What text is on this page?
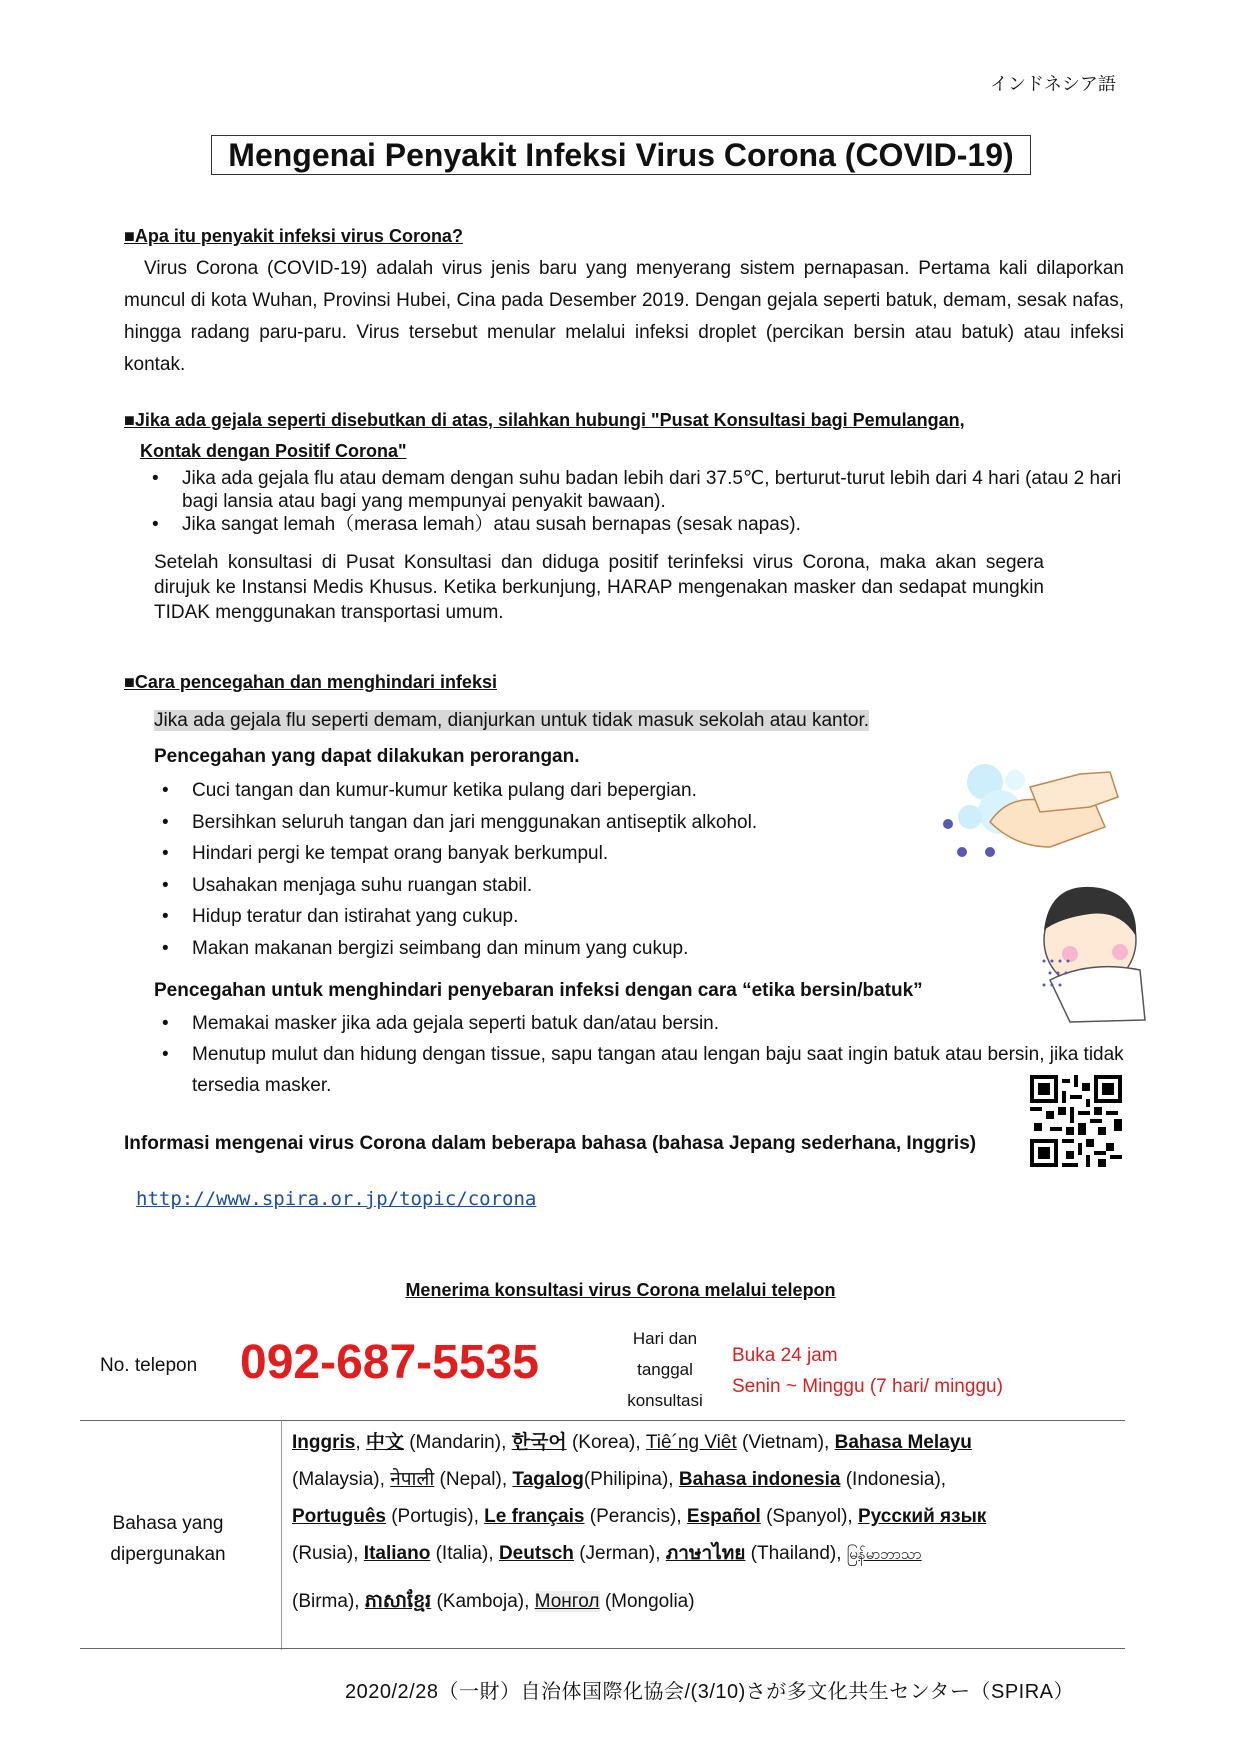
インドネシア語
Mengenai Penyakit Infeksi Virus Corona (COVID-19)
■Apa itu penyakit infeksi virus Corona?
Virus Corona (COVID-19) adalah virus jenis baru yang menyerang sistem pernapasan. Pertama kali dilaporkan muncul di kota Wuhan, Provinsi Hubei, Cina pada Desember 2019. Dengan gejala seperti batuk, demam, sesak nafas, hingga radang paru-paru. Virus tersebut menular melalui infeksi droplet (percikan bersin atau batuk) atau infeksi kontak.
■Jika ada gejala seperti disebutkan di atas, silahkan hubungi "Pusat Konsultasi bagi Pemulangan,
Kontak dengan Positif Corona"
• Jika ada gejala flu atau demam dengan suhu badan lebih dari 37.5℃, berturut-turut lebih dari 4 hari (atau 2 hari bagi lansia atau bagi yang mempunyai penyakit bawaan).
• Jika sangat lemah（merasa lemah）atau susah bernapas (sesak napas).
Setelah konsultasi di Pusat Konsultasi dan diduga positif terinfeksi virus Corona, maka akan segera dirujuk ke Instansi Medis Khusus. Ketika berkunjung, HARAP mengenakan masker dan sedapat mungkin TIDAK menggunakan transportasi umum.
■Cara pencegahan dan menghindari infeksi
Jika ada gejala flu seperti demam, dianjurkan untuk tidak masuk sekolah atau kantor.
Pencegahan yang dapat dilakukan perorangan.
• Cuci tangan dan kumur-kumur ketika pulang dari bepergian.
• Bersihkan seluruh tangan dan jari menggunakan antiseptik alkohol.
• Hindari pergi ke tempat orang banyak berkumpul.
• Usahakan menjaga suhu ruangan stabil.
• Hidup teratur dan istirahat yang cukup.
• Makan makanan bergizi seimbang dan minum yang cukup.
Pencegahan untuk menghindari penyebaran infeksi dengan cara “etika bersin/batuk”
• Memakai masker jika ada gejala seperti batuk dan/atau bersin.
• Menutup mulut dan hidung dengan tissue, sapu tangan atau lengan baju saat ingin batuk atau bersin, jika tidak tersedia masker.
Informasi mengenai virus Corona dalam beberapa bahasa (bahasa Jepang sederhana, Inggris)
http://www.spira.or.jp/topic/corona
Menerima konsultasi virus Corona melalui telepon
No. telepon 092-687-5535	Hari dan
tanggal
konsultasi
Buka 24 jam
Senin ~ Minggu (7 hari/ minggu)
Bahasa yang
dipergunakan
Inggris, 中文 (Mandarin), 한국어 (Korea), Tiê´ng Viêt (Vietnam), Bahasa Melayu
(Malaysia), नेपाली (Nepal), Tagalog(Philipina), Bahasa indonesia (Indonesia),
Português (Portugis), Le français (Perancis), Español (Spanyol), Русский язык
(Rusia), Italiano (Italia), Deutsch (Jerman), ภาษาไทย (Thailand), မြန်မာဘာသာ
(Birma), ភាសាខ្មែរ (Kamboja), Монгол (Mongolia)
2020/2/28（一財）自治体国際化協会/(3/10)さが多文化共生センター（SPIRA）
